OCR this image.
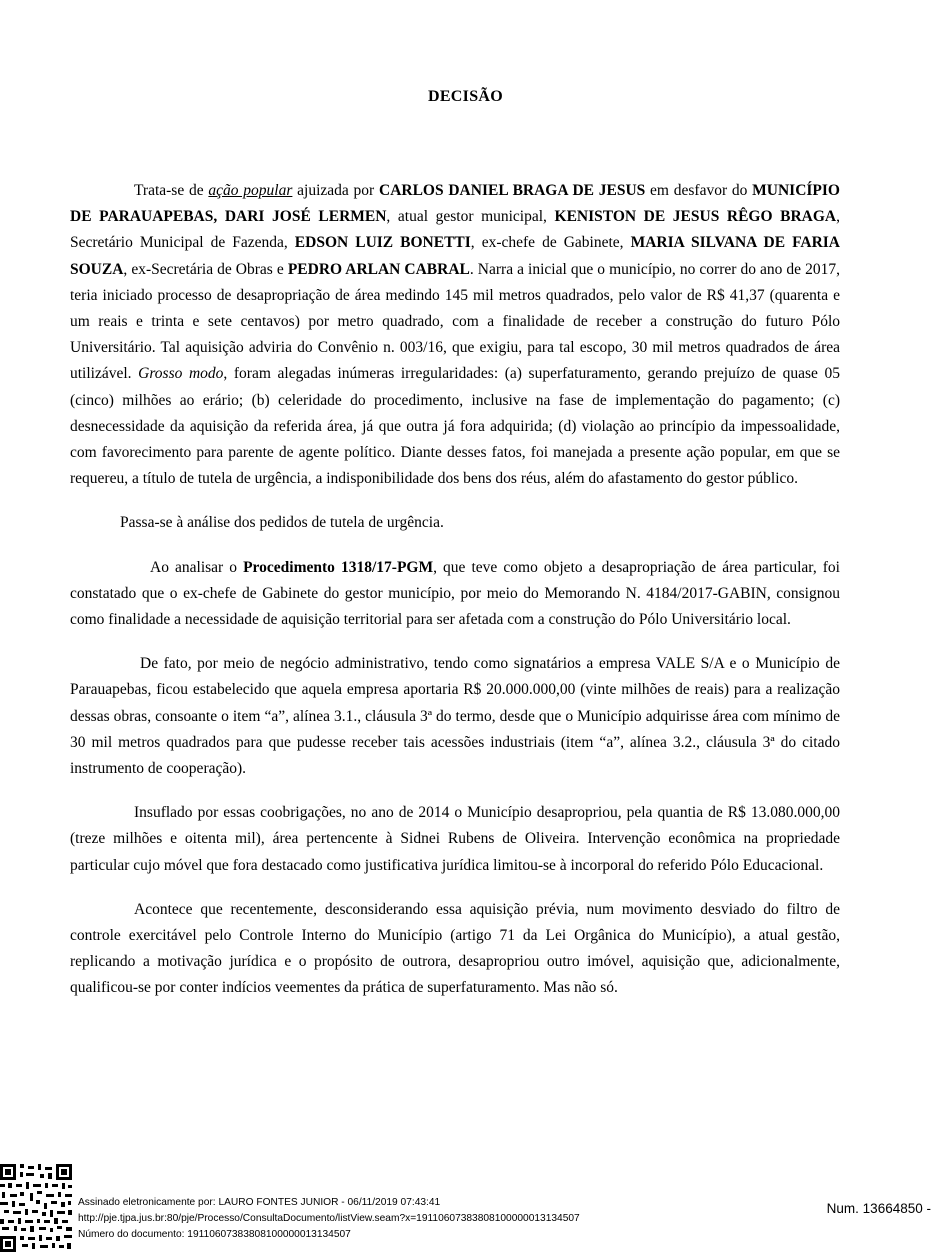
DECISÃO

Trata-se de ação popular ajuizada por CARLOS DANIEL BRAGA DE JESUS em desfavor do MUNICÍPIO DE PARAUAPEBAS, DARI JOSÉ LERMEN, atual gestor municipal, KENISTON DE JESUS RÊGO BRAGA, Secretário Municipal de Fazenda, EDSON LUIZ BONETTI, ex-chefe de Gabinete, MARIA SILVANA DE FARIA SOUZA, ex-Secretária de Obras e PEDRO ARLAN CABRAL. Narra a inicial que o município, no correr do ano de 2017, teria iniciado processo de desapropriação de área medindo 145 mil metros quadrados, pelo valor de R$ 41,37 (quarenta e um reais e trinta e sete centavos) por metro quadrado, com a finalidade de receber a construção do futuro Pólo Universitário. Tal aquisição adviria do Convênio n. 003/16, que exigiu, para tal escopo, 30 mil metros quadrados de área utilizável. Grosso modo, foram alegadas inúmeras irregularidades: (a) superfaturamento, gerando prejuízo de quase 05 (cinco) milhões ao erário; (b) celeridade do procedimento, inclusive na fase de implementação do pagamento; (c) desnecessidade da aquisição da referida área, já que outra já fora adquirida; (d) violação ao princípio da impessoalidade, com favorecimento para parente de agente político. Diante desses fatos, foi manejada a presente ação popular, em que se requereu, a título de tutela de urgência, a indisponibilidade dos bens dos réus, além do afastamento do gestor público.

Passa-se à análise dos pedidos de tutela de urgência.

Ao analisar o Procedimento 1318/17-PGM, que teve como objeto a desapropriação de área particular, foi constatado que o ex-chefe de Gabinete do gestor município, por meio do Memorando N. 4184/2017-GABIN, consignou como finalidade a necessidade de aquisição territorial para ser afetada com a construção do Pólo Universitário local.

De fato, por meio de negócio administrativo, tendo como signatários a empresa VALE S/A e o Município de Parauapebas, ficou estabelecido que aquela empresa aportaria R$ 20.000.000,00 (vinte milhões de reais) para a realização dessas obras, consoante o item “a”, alínea 3.1., cláusula 3ª do termo, desde que o Município adquirisse área com mínimo de 30 mil metros quadrados para que pudesse receber tais acessões industriais (item “a”, alínea 3.2., cláusula 3ª do citado instrumento de cooperação).

Insuflado por essas coobrigações, no ano de 2014 o Município desapropriou, pela quantia de R$ 13.080.000,00 (treze milhões e oitenta mil), área pertencente à Sidnei Rubens de Oliveira. Intervenção econômica na propriedade particular cujo móvel que fora destacado como justificativa jurídica limitou-se à incorporal do referido Pólo Educacional.

Acontece que recentemente, desconsiderando essa aquisição prévia, num movimento desviado do filtro de controle exercitável pelo Controle Interno do Município (artigo 71 da Lei Orgânica do Município), a atual gestão, replicando a motivação jurídica e o propósito de outrora, desapropriou outro imóvel, aquisição que, adicionalmente, qualificou-se por conter indícios veementes da prática de superfaturamento. Mas não só.

Assinado eletronicamente por: LAURO FONTES JUNIOR - 06/11/2019 07:43:41
http://pje.tjpa.jus.br:80/pje/Processo/ConsultaDocumento/listView.seam?x=19110607383808100000013134507
Número do documento: 19110607383808100000013134507
Num. 13664850 -
